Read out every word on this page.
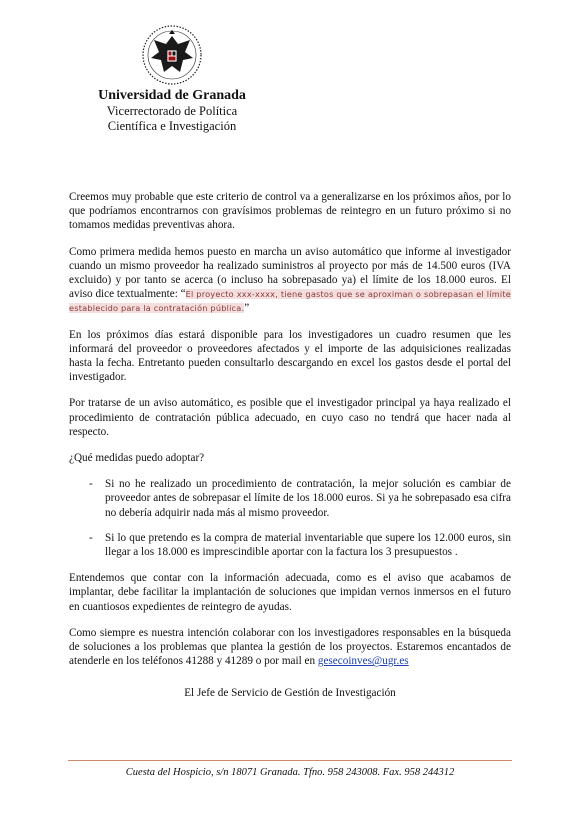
Universidad de Granada
Vicerrectorado de Política
Científica e Investigación

Creemos muy probable que este criterio de control va a generalizarse en los próximos años, por lo que podríamos encontrarnos con gravísimos problemas de reintegro en un futuro próximo si no tomamos medidas preventivas ahora.

Como primera medida hemos puesto en marcha un aviso automático que informe al investigador cuando un mismo proveedor ha realizado suministros al proyecto por más de 14.500 euros (IVA excluido) y por tanto se acerca (o incluso ha sobrepasado ya) el límite de los 18.000 euros. El aviso dice textualmente: “El proyecto xxx-xxxx, tiene gastos que se aproximan o sobrepasan el límite establecido para la contratación pública.”

En los próximos días estará disponible para los investigadores un cuadro resumen que les informará del proveedor o proveedores afectados y el importe de las adquisiciones realizadas hasta la fecha. Entretanto pueden consultarlo descargando en excel los gastos desde el portal del investigador.

Por tratarse de un aviso automático, es posible que el investigador principal ya haya realizado el procedimiento de contratación pública adecuado, en cuyo caso no tendrá que hacer nada al respecto.

¿Qué medidas puedo adoptar?

- Si no he realizado un procedimiento de contratación, la mejor solución es cambiar de proveedor antes de sobrepasar el límite de los 18.000 euros. Si ya he sobrepasado esa cifra no debería adquirir nada más al mismo proveedor.
- Si lo que pretendo es la compra de material inventariable que supere los 12.000 euros, sin llegar a los 18.000 es imprescindible aportar con la factura los 3 presupuestos .

Entendemos que contar con la información adecuada, como es el aviso que acabamos de implantar, debe facilitar la implantación de soluciones que impidan vernos inmersos en el futuro en cuantiosos expedientes de reintegro de ayudas.

Como siempre es nuestra intención colaborar con los investigadores responsables en la búsqueda de soluciones a los problemas que plantea la gestión de los proyectos. Estaremos encantados de atenderle en los teléfonos 41288 y 41289 o por mail en gesecoinves@ugr.es

El Jefe de Servicio de Gestión de Investigación
Cuesta del Hospicio, s/n 18071 Granada. Tfno. 958 243008. Fax. 958 244312
